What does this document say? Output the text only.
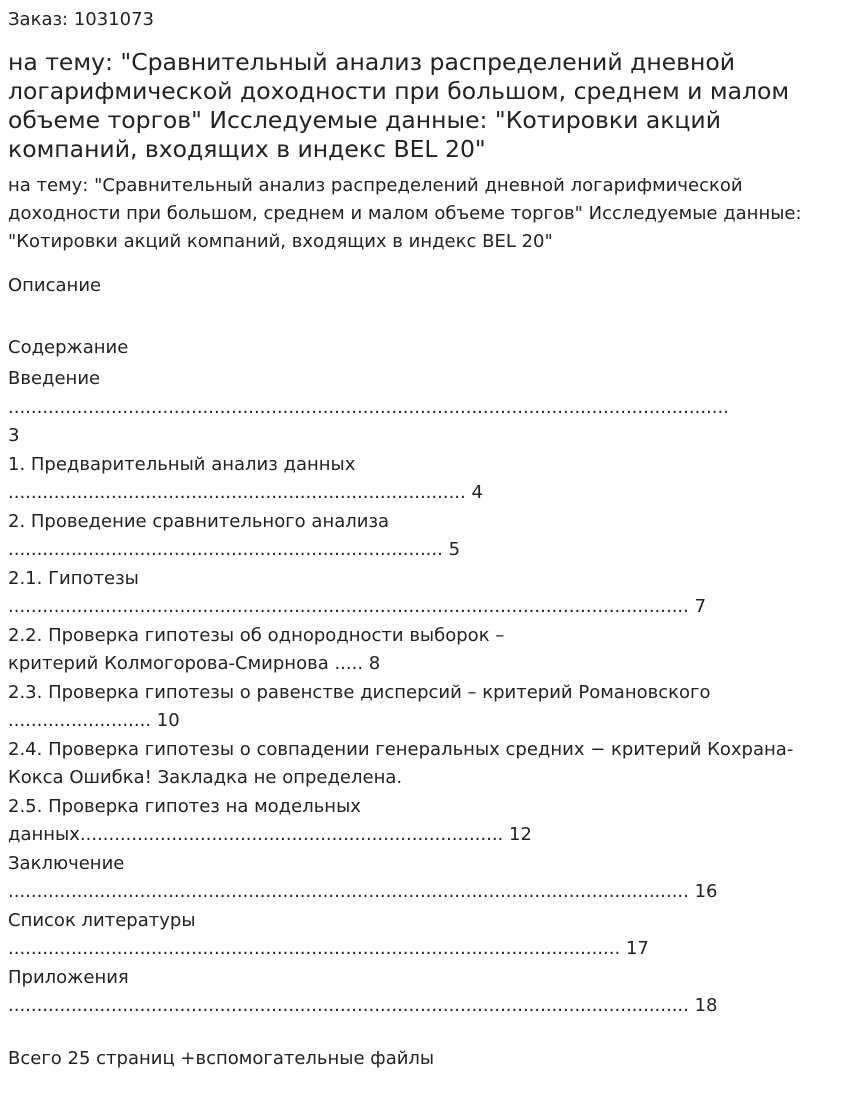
Заказ: 1031073
на тему: "Сравнительный анализ распределений дневной логарифмической доходности при большом, среднем и малом объеме торгов" Исследуемые данные: "Котировки акций компаний, входящих в индекс BEL 20"

на тему: "Сравнительный анализ распределений дневной логарифмической доходности при большом, среднем и малом объеме торгов" Исследуемые данные: "Котировки акций компаний, входящих в индекс BEL 20"

Описание
Содержание
Введение
..............................................................................................................................
3
1. Предварительный анализ данных
................................................................................ 4
2. Проведение сравнительного анализа
............................................................................ 5
2.1. Гипотезы
....................................................................................................................... 7
2.2. Проверка гипотезы об однородности выборок –
критерий Колмогорова-Смирнова ..... 8
2.3. Проверка гипотезы о равенстве дисперсий – критерий Романовского
......................... 10
2.4. Проверка гипотезы о совпадении генеральных средних − критерий Кохрана-
Кокса Ошибка! Закладка не определена.
2.5. Проверка гипотез на модельных
данных.......................................................................... 12
Заключение
....................................................................................................................... 16
Список литературы
........................................................................................................... 17
Приложения
....................................................................................................................... 18
Всего 25 страниц +вспомогательные файлы
